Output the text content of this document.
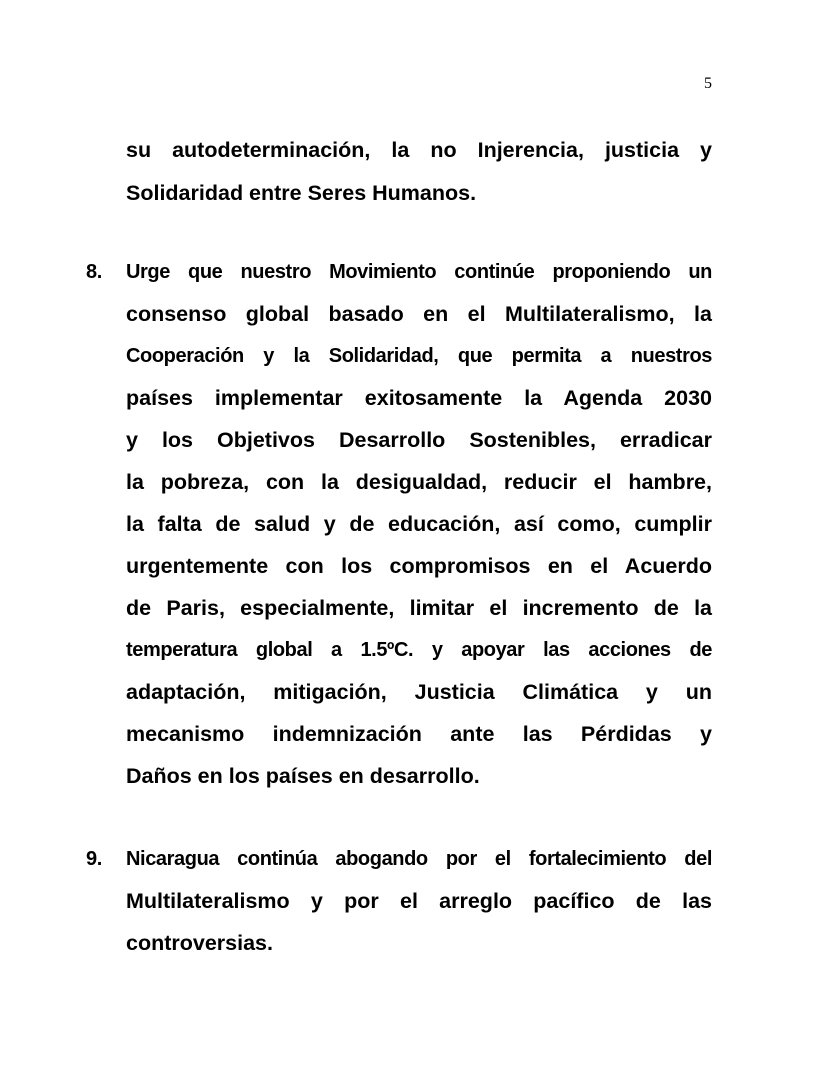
5
su autodeterminación, la no Injerencia, justicia y
Solidaridad entre Seres Humanos.
8. Urge que nuestro Movimiento continúe proponiendo un
consenso global basado en el Multilateralismo, la
Cooperación y la Solidaridad, que permita a nuestros
países implementar exitosamente la Agenda 2030
y los Objetivos Desarrollo Sostenibles, erradicar
la pobreza, con la desigualdad, reducir el hambre,
la falta de salud y de educación, así como, cumplir
urgentemente con los compromisos en el Acuerdo
de Paris, especialmente, limitar el incremento de la
temperatura global a 1.5ºC. y apoyar las acciones de
adaptación, mitigación, Justicia Climática y un
mecanismo indemnización ante las Pérdidas y
Daños en los países en desarrollo.
9. Nicaragua continúa abogando por el fortalecimiento del
Multilateralismo y por el arreglo pacífico de las
controversias.
